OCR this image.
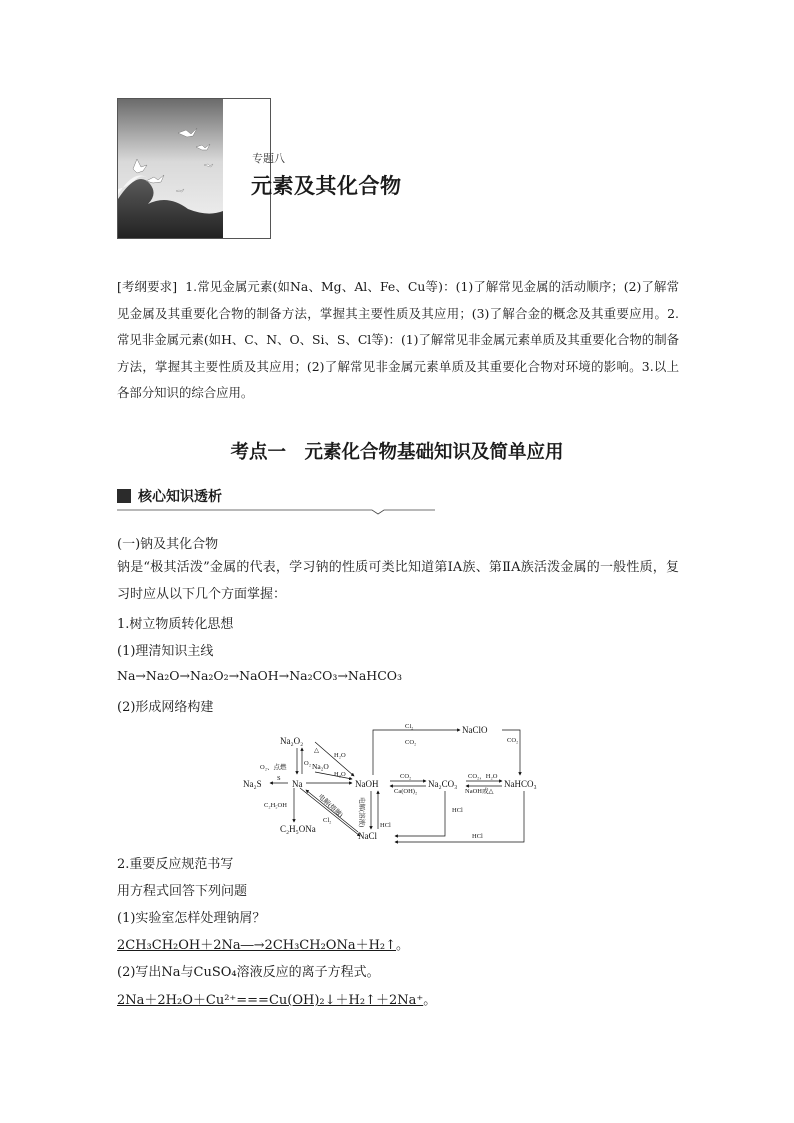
专题八
元素及其化合物
[考纲要求] 1.常见金属元素(如Na、Mg、Al、Fe、Cu等)：(1)了解常见金属的活动顺序；(2)了解常见金属及其重要化合物的制备方法，掌握其主要性质及其应用；(3)了解合金的概念及其重要应用。2.常见非金属元素(如H、C、N、O、Si、S、Cl等)：(1)了解常见非金属元素单质及其重要化合物的制备方法，掌握其主要性质及其应用；(2)了解常见非金属元素单质及其重要化合物对环境的影响。3.以上各部分知识的综合应用。
考点一　元素化合物基础知识及简单应用
核心知识透析
(一)钠及其化合物
钠是“极其活泼”金属的代表，学习钠的性质可类比知道第ⅠA族、第ⅡA族活泼金属的一般性质，复习时应从以下几个方面掌握：
1.树立物质转化思想
(1)理清知识主线
Na→Na₂O→Na₂O₂→NaOH→Na₂CO₃→NaHCO₃
(2)形成网络构建
Na₂O₂
Na₂O
Na
Na₂S	NaOH	Na₂CO₃	NaHCO₃
NaClO
NaCl
C₂H₅ONa
Cl₂
CO₂	CO₂
O₂、点燃
O₂
△
H₂O
H₂O
S	CO₂
Ca(OH)₂
CO₂，H₂O
NaOH或△
C₂H₅OH
Cl₂
HCl
HCl
HCl
电解(溶液)
电解(熔融)
2.重要反应规范书写
用方程式回答下列问题
(1)实验室怎样处理钠屑？
2CH₃CH₂OH＋2Na―→2CH₃CH₂ONa＋H₂↑。
(2)写出Na与CuSO₄溶液反应的离子方程式。
2Na＋2H₂O＋Cu²⁺===Cu(OH)₂↓＋H₂↑＋2Na⁺。
